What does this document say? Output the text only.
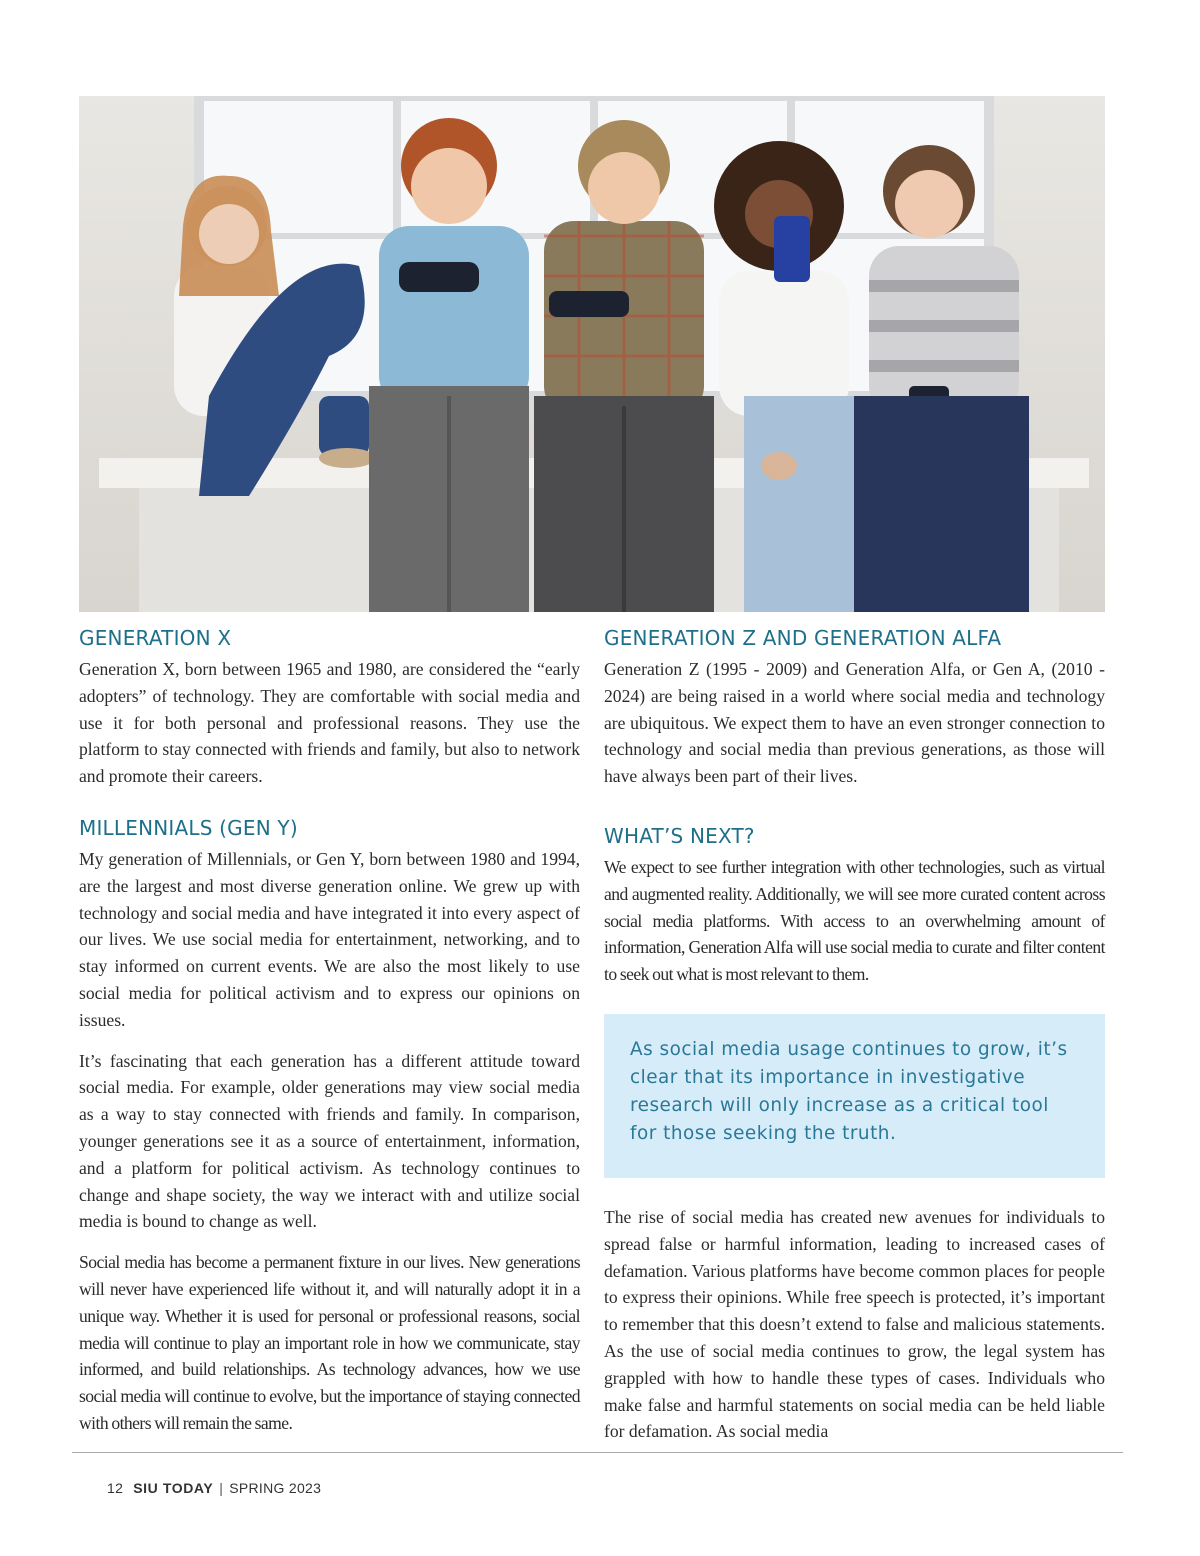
GENERATION X

Generation X, born between 1965 and 1980, are considered the “early adopters” of technology. They are comfortable with social media and use it for both personal and professional reasons. They use the platform to stay connected with friends and family, but also to network and promote their careers.

MILLENNIALS (GEN Y)

My generation of Millennials, or Gen Y, born between 1980 and 1994, are the largest and most diverse generation online. We grew up with technology and social media and have integrated it into every aspect of our lives. We use social media for entertainment, networking, and to stay informed on current events. We are also the most likely to use social media for political activism and to express our opinions on issues.

It’s fascinating that each generation has a different attitude toward social media. For example, older generations may view social media as a way to stay connected with friends and family. In comparison, younger generations see it as a source of entertainment, information, and a platform for political activism. As technology continues to change and shape society, the way we interact with and utilize social media is bound to change as well.

Social media has become a permanent fixture in our lives. New generations will never have experienced life without it, and will naturally adopt it in a unique way. Whether it is used for personal or professional reasons, social media will continue to play an important role in how we communicate, stay informed, and build relationships. As technology advances, how we use social media will continue to evolve, but the importance of staying connected with others will remain the same.

GENERATION Z AND GENERATION ALFA

Generation Z (1995 - 2009) and Generation Alfa, or Gen A, (2010 - 2024) are being raised in a world where social media and technology are ubiquitous. We expect them to have an even stronger connection to technology and social media than previous generations, as those will have always been part of their lives.

WHAT’S NEXT?

We expect to see further integration with other technologies, such as virtual and augmented reality. Additionally, we will see more curated content across social media platforms. With access to an overwhelming amount of information, Generation Alfa will use social media to curate and filter content to seek out what is most relevant to them.

As social media usage continues to grow, it’s clear that its importance in investigative research will only increase as a critical tool for those seeking the truth.

The rise of social media has created new avenues for individuals to spread false or harmful information, leading to increased cases of defamation. Various platforms have become common places for people to express their opinions. While free speech is protected, it’s important to remember that this doesn’t extend to false and malicious statements. As the use of social media continues to grow, the legal system has grappled with how to handle these types of cases. Individuals who make false and harmful statements on social media can be held liable for defamation. As social media

12 SIU TODAY | SPRING 2023
